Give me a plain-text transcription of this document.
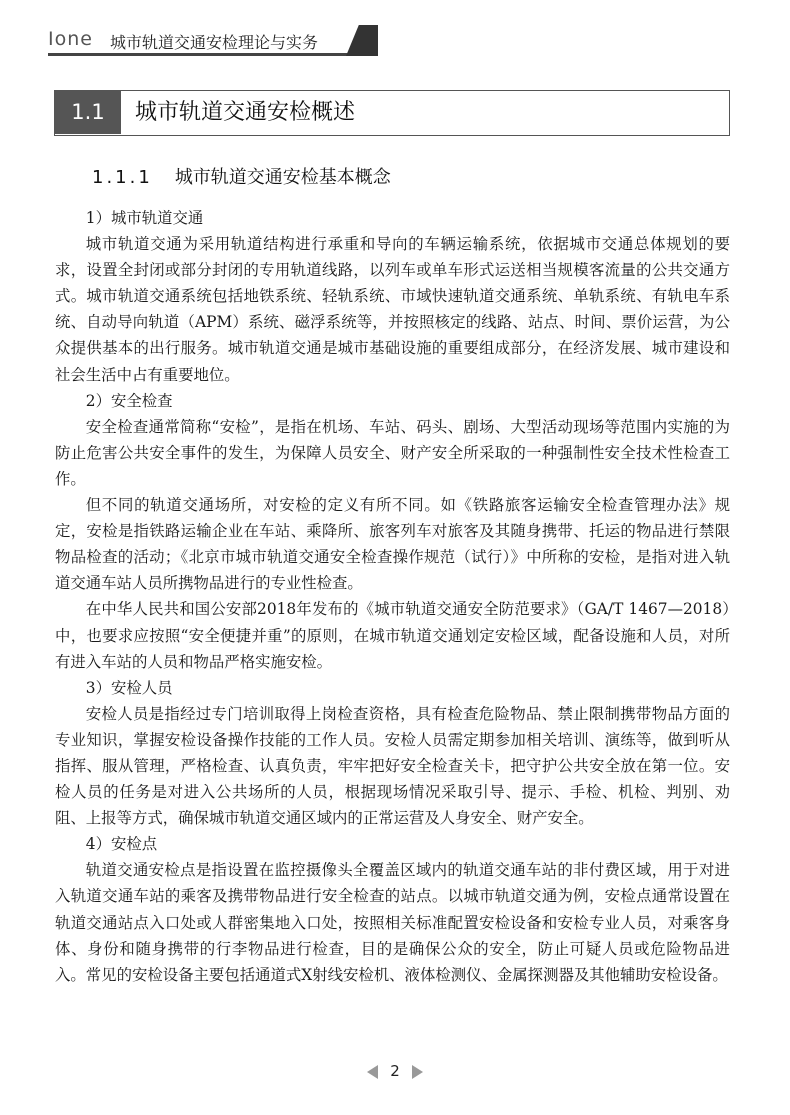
Ione 城市轨道交通安检理论与实务
1.1	城市轨道交通安检概述
1.1.1 城市轨道交通安检基本概念

1）城市轨道交通

城市轨道交通为采用轨道结构进行承重和导向的车辆运输系统，依据城市交通总体规划的要求，设置全封闭或部分封闭的专用轨道线路，以列车或单车形式运送相当规模客流量的公共交通方式。城市轨道交通系统包括地铁系统、轻轨系统、市域快速轨道交通系统、单轨系统、有轨电车系统、自动导向轨道（APM）系统、磁浮系统等，并按照核定的线路、站点、时间、票价运营，为公众提供基本的出行服务。城市轨道交通是城市基础设施的重要组成部分，在经济发展、城市建设和社会生活中占有重要地位。

2）安全检查

安全检查通常简称“安检”，是指在机场、车站、码头、剧场、大型活动现场等范围内实施的为防止危害公共安全事件的发生，为保障人员安全、财产安全所采取的一种强制性安全技术性检查工作。

但不同的轨道交通场所，对安检的定义有所不同。如《铁路旅客运输安全检查管理办法》规定，安检是指铁路运输企业在车站、乘降所、旅客列车对旅客及其随身携带、托运的物品进行禁限物品检查的活动；《北京市城市轨道交通安全检查操作规范（试行）》中所称的安检，是指对进入轨道交通车站人员所携物品进行的专业性检查。

在中华人民共和国公安部2018年发布的《城市轨道交通安全防范要求》（GA/T 1467—2018）中，也要求应按照“安全便捷并重”的原则，在城市轨道交通划定安检区域，配备设施和人员，对所有进入车站的人员和物品严格实施安检。

3）安检人员

安检人员是指经过专门培训取得上岗检查资格，具有检查危险物品、禁止限制携带物品方面的专业知识，掌握安检设备操作技能的工作人员。安检人员需定期参加相关培训、演练等，做到听从指挥、服从管理，严格检查、认真负责，牢牢把好安全检查关卡，把守护公共安全放在第一位。安检人员的任务是对进入公共场所的人员，根据现场情况采取引导、提示、手检、机检、判别、劝阻、上报等方式，确保城市轨道交通区域内的正常运营及人身安全、财产安全。

4）安检点

轨道交通安检点是指设置在监控摄像头全覆盖区域内的轨道交通车站的非付费区域，用于对进入轨道交通车站的乘客及携带物品进行安全检查的站点。以城市轨道交通为例，安检点通常设置在轨道交通站点入口处或人群密集地入口处，按照相关标准配置安检设备和安检专业人员，对乘客身体、身份和随身携带的行李物品进行检查，目的是确保公众的安全，防止可疑人员或危险物品进入。常见的安检设备主要包括通道式X射线安检机、液体检测仪、金属探测器及其他辅助安检设备。

2
